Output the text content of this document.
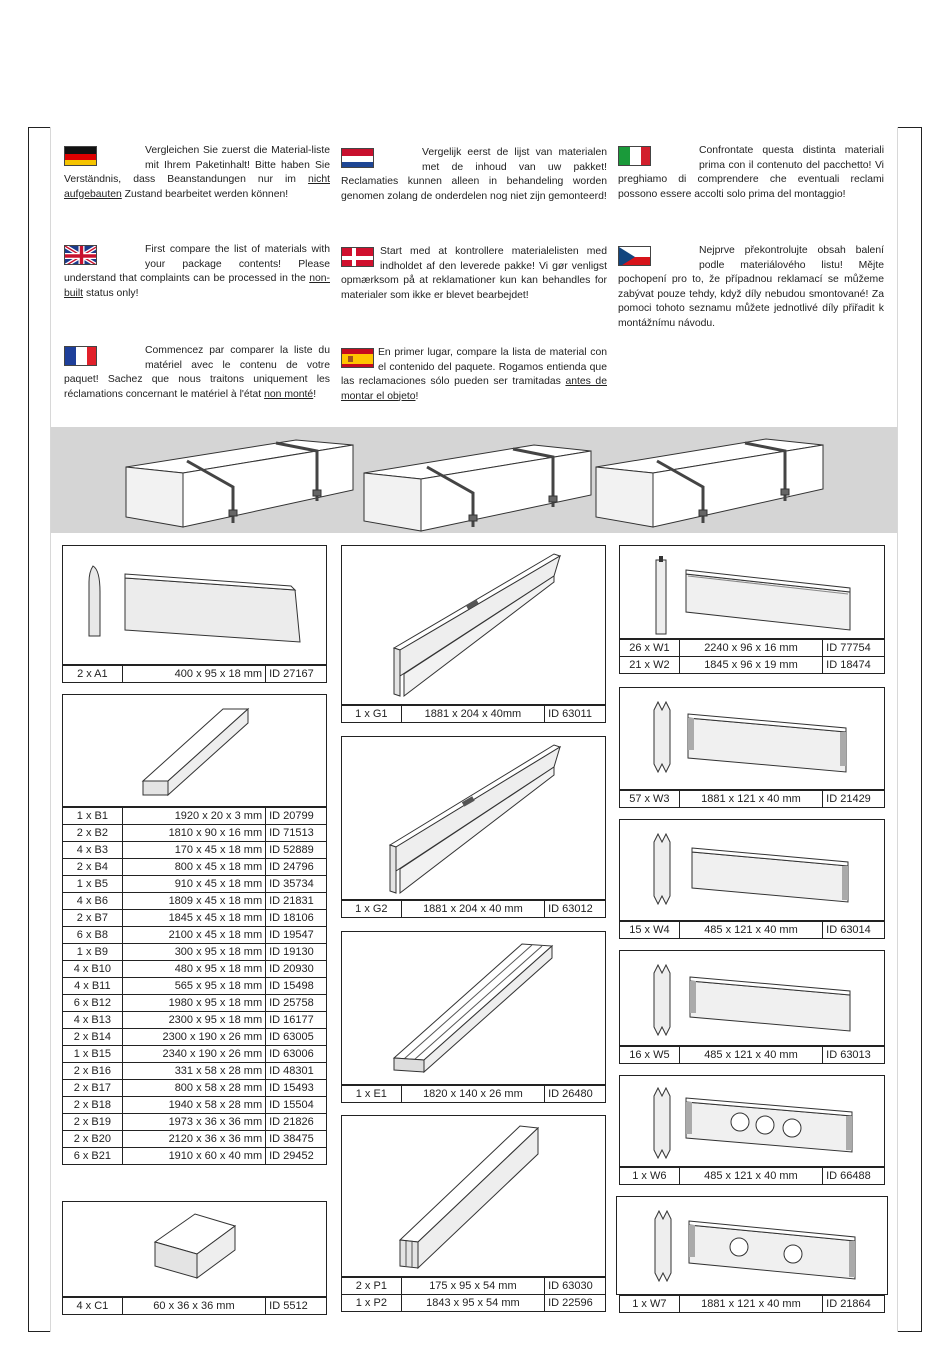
Vergleichen Sie zuerst die Material-liste mit Ihrem Paketinhalt! Bitte haben Sie Verständnis, dass Beanstandungen nur im nicht aufgebauten Zustand bearbeitet werden können!
Vergelijk eerst de lijst van materialen met de inhoud van uw pakket! Reclamaties kunnen alleen in behandeling worden genomen zolang de onderdelen nog niet zijn gemonteerd!
Confrontate questa distinta materiali prima con il contenuto del pacchetto! Vi preghiamo di comprendere che eventuali reclami possono essere accolti solo prima del montaggio!
First compare the list of materials with your package contents! Please understand that complaints can be processed in the non-built status only!
Start med at kontrollere materialelisten med indholdet af den leverede pakke! Vi gør venligst opmærksom på at reklamationer kun kan behandles for materialer som ikke er blevet bearbejdet!
Nejprve překontrolujte obsah balení podle materiálového listu! Mějte pochopení pro to, že případnou reklamací se můžeme zabývat pouze tehdy, když díly nebudou smontované! Za pomoci tohoto seznamu můžete jednotlivé díly přiřadit k montážnímu návodu.
Commencez par comparer la liste du matériel avec le contenu de votre paquet! Sachez que nous traitons uniquement les réclamations concernant le matériel à l'état non monté!
En primer lugar, compare la lista de material con el contenido del paquete. Rogamos entienda que las reclamaciones sólo pueden ser tramitadas antes de montar el objeto!
2 x A1	400 x 95 x 18 mm	ID 27167
1 x B1	1920 x 20 x 3 mm	ID 20799
2 x B2	1810 x 90 x 16 mm	ID 71513
4 x B3	170 x 45 x 18 mm	ID 52889
2 x B4	800 x 45 x 18 mm	ID 24796
1 x B5	910 x 45 x 18 mm	ID 35734
4 x B6	1809 x 45 x 18 mm	ID 21831
2 x B7	1845 x 45 x 18 mm	ID 18106
6 x B8	2100 x 45 x 18 mm	ID 19547
1 x B9	300 x 95 x 18 mm	ID 19130
4 x B10	480 x 95 x 18 mm	ID 20930
4 x B11	565 x 95 x 18 mm	ID 15498
6 x B12	1980 x 95 x 18 mm	ID 25758
4 x B13	2300 x 95 x 18 mm	ID 16177
2 x B14	2300 x 190 x 26 mm	ID 63005
1 x B15	2340 x 190 x 26 mm	ID 63006
2 x B16	331 x 58 x 28 mm	ID 48301
2 x B17	800 x 58 x 28 mm	ID 15493
2 x B18	1940 x 58 x 28 mm	ID 15504
2 x B19	1973 x 36 x 36 mm	ID 21826
2 x B20	2120 x 36 x 36 mm	ID 38475
6 x B21	1910 x 60 x 40 mm	ID 29452
4 x C1	60 x 36 x 36 mm	ID 5512
1 x G1	1881 x 204 x 40mm	ID 63011
1 x G2	1881 x 204 x 40 mm	ID 63012
1 x E1	1820 x 140 x 26 mm	ID 26480
2 x P1	175 x 95 x 54 mm	ID 63030
1 x P2	1843 x 95 x 54 mm	ID 22596
26 x W1	2240 x 96 x 16 mm	ID 77754
21 x W2	1845 x 96 x 19 mm	ID 18474
57 x W3	1881 x 121 x 40 mm	ID 21429
15 x W4	485 x 121 x 40 mm	ID 63014
16 x W5	485 x 121 x 40 mm	ID 63013
1 x W6	485 x 121 x 40 mm	ID 66488
1 x W7	1881 x 121 x 40 mm	ID 21864
